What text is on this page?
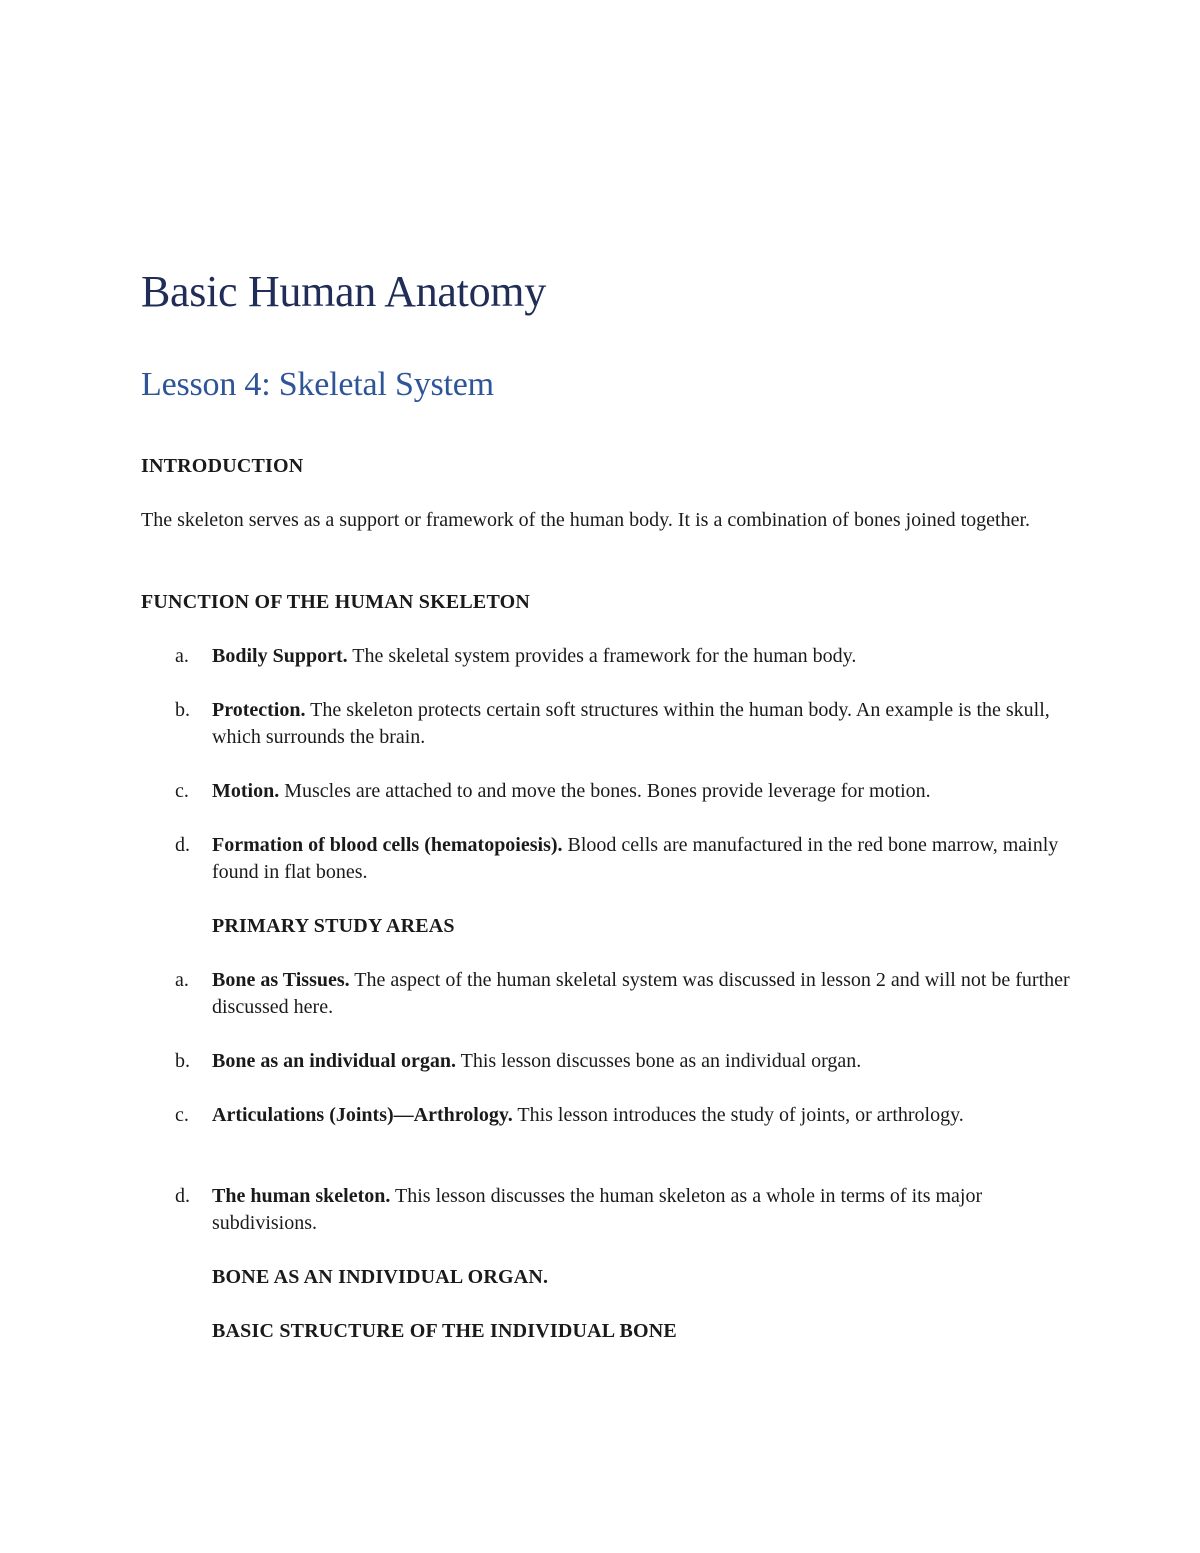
Basic Human Anatomy
Lesson 4: Skeletal System
INTRODUCTION
The skeleton serves as a support or framework of the human body. It is a combination of bones joined together.
FUNCTION OF THE HUMAN SKELETON
a. Bodily Support. The skeletal system provides a framework for the human body.
b. Protection. The skeleton protects certain soft structures within the human body. An example is the skull, which surrounds the brain.
c. Motion. Muscles are attached to and move the bones. Bones provide leverage for motion.
d. Formation of blood cells (hematopoiesis). Blood cells are manufactured in the red bone marrow, mainly found in flat bones.
PRIMARY STUDY AREAS
a. Bone as Tissues. The aspect of the human skeletal system was discussed in lesson 2 and will not be further discussed here.
b. Bone as an individual organ. This lesson discusses bone as an individual organ.
c. Articulations (Joints)—Arthrology. This lesson introduces the study of joints, or arthrology.
d. The human skeleton. This lesson discusses the human skeleton as a whole in terms of its major subdivisions.
BONE AS AN INDIVIDUAL ORGAN.
BASIC STRUCTURE OF THE INDIVIDUAL BONE
